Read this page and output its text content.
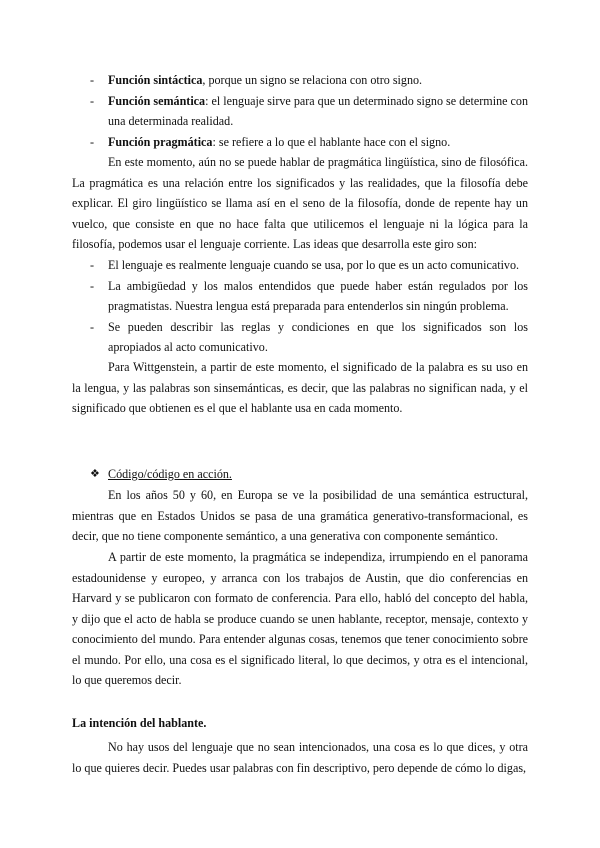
- Función sintáctica, porque un signo se relaciona con otro signo.
- Función semántica: el lenguaje sirve para que un determinado signo se determine con una determinada realidad.
- Función pragmática: se refiere a lo que el hablante hace con el signo.

En este momento, aún no se puede hablar de pragmática lingüística, sino de filosófica. La pragmática es una relación entre los significados y las realidades, que la filosofía debe explicar. El giro lingüístico se llama así en el seno de la filosofía, donde de repente hay un vuelco, que consiste en que no hace falta que utilicemos el lenguaje ni la lógica para la filosofía, podemos usar el lenguaje corriente. Las ideas que desarrolla este giro son:

- El lenguaje es realmente lenguaje cuando se usa, por lo que es un acto comunicativo.
- La ambigüedad y los malos entendidos que puede haber están regulados por los pragmatistas. Nuestra lengua está preparada para entenderlos sin ningún problema.
- Se pueden describir las reglas y condiciones en que los significados son los apropiados al acto comunicativo.

Para Wittgenstein, a partir de este momento, el significado de la palabra es su uso en la lengua, y las palabras son sinsemánticas, es decir, que las palabras no significan nada, y el significado que obtienen es el que el hablante usa en cada momento.

❖ Código/código en acción.

En los años 50 y 60, en Europa se ve la posibilidad de una semántica estructural, mientras que en Estados Unidos se pasa de una gramática generativo-transformacional, es decir, que no tiene componente semántico, a una generativa con componente semántico.

A partir de este momento, la pragmática se independiza, irrumpiendo en el panorama estadounidense y europeo, y arranca con los trabajos de Austin, que dio conferencias en Harvard y se publicaron con formato de conferencia. Para ello, habló del concepto del habla, y dijo que el acto de habla se produce cuando se unen hablante, receptor, mensaje, contexto y conocimiento del mundo. Para entender algunas cosas, tenemos que tener conocimiento sobre el mundo. Por ello, una cosa es el significado literal, lo que decimos, y otra es el intencional, lo que queremos decir.

La intención del hablante.

No hay usos del lenguaje que no sean intencionados, una cosa es lo que dices, y otra lo que quieres decir. Puedes usar palabras con fin descriptivo, pero depende de cómo lo digas,
